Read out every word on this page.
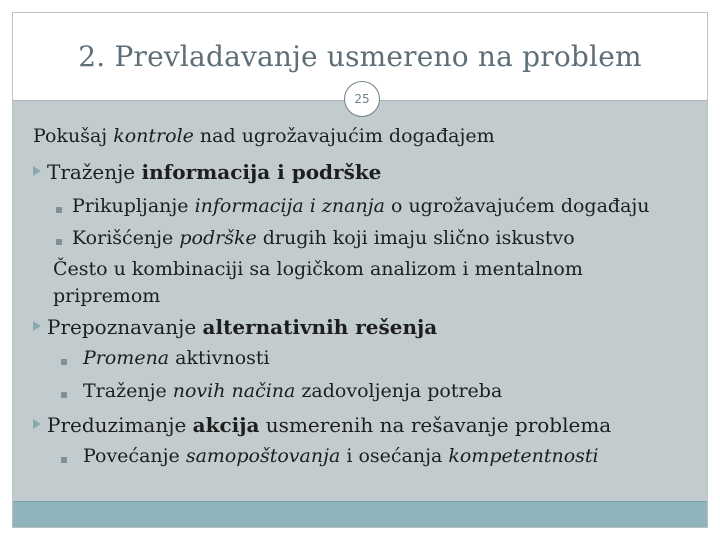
2. Prevladavanje usmereno na problem
25
Pokušaj kontrole nad ugrožavajućim događajem
Traženje informacija i podrške
Prikupljanje informacija i znanja o ugrožavajućem događaju
Korišćenje podrške drugih koji imaju slično iskustvo
Često u kombinaciji sa logičkom analizom i mentalnom
pripremom
Prepoznavanje alternativnih rešenja
Promena aktivnosti
Traženje novih načina zadovoljenja potreba
Preduzimanje akcija usmerenih na rešavanje problema
Povećanje samopoštovanja i osećanja kompetentnosti
